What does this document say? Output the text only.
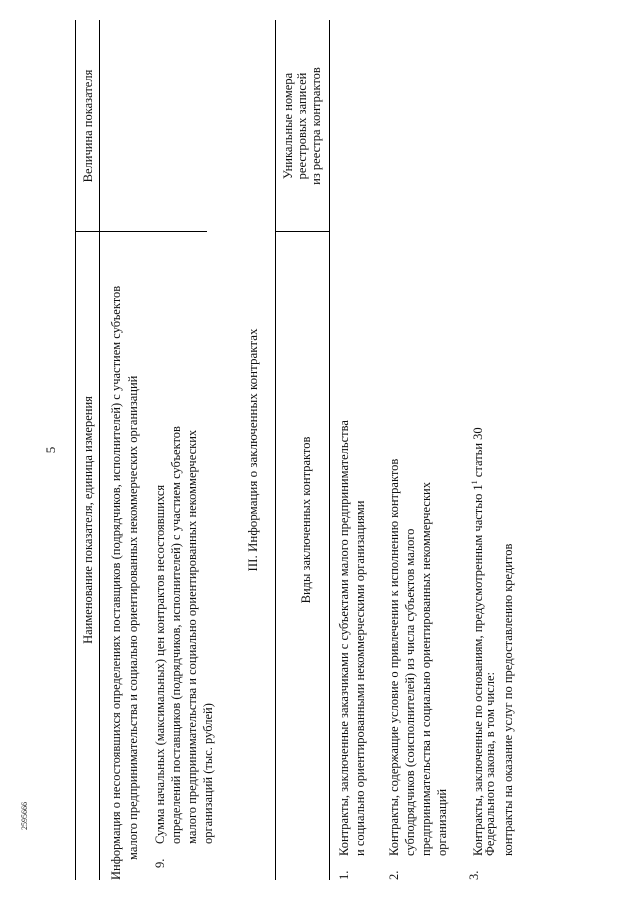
5
2595666
Наименование показателя, единица измерения
Величина показателя
Информация о несостоявшихся определениях поставщиков (подрядчиков, исполнителей) с участием субъектов малого предпринимательства и социально ориентированных некоммерческих организаций
9.
Сумма начальных (максимальных) цен контрактов несостоявшихся определений поставщиков (подрядчиков, исполнителей) с участием субъектов малого предпринимательства и социально ориентированных некоммерческих организаций (тыс. рублей)
III. Информация о заключенных контрактах	Виды заключенных контрактов
Уникальные номера реестровых записей из реестра контрактов
1.
Контракты, заключенные заказчиками с субъектами малого предпринимательства и социально ориентированными некоммерческими организациями
2.
Контракты, содержащие условие о привлечении к исполнению контрактов субподрядчиков (соисполнителей) из числа субъектов малого предпринимательства и социально ориентированных некоммерческих организаций
3.
Контракты, заключенные по основаниям, предусмотренным частью $1^1$ статьи 30
Федерального закона, в том числе: контракты на оказание услуг по предоставлению кредитов
